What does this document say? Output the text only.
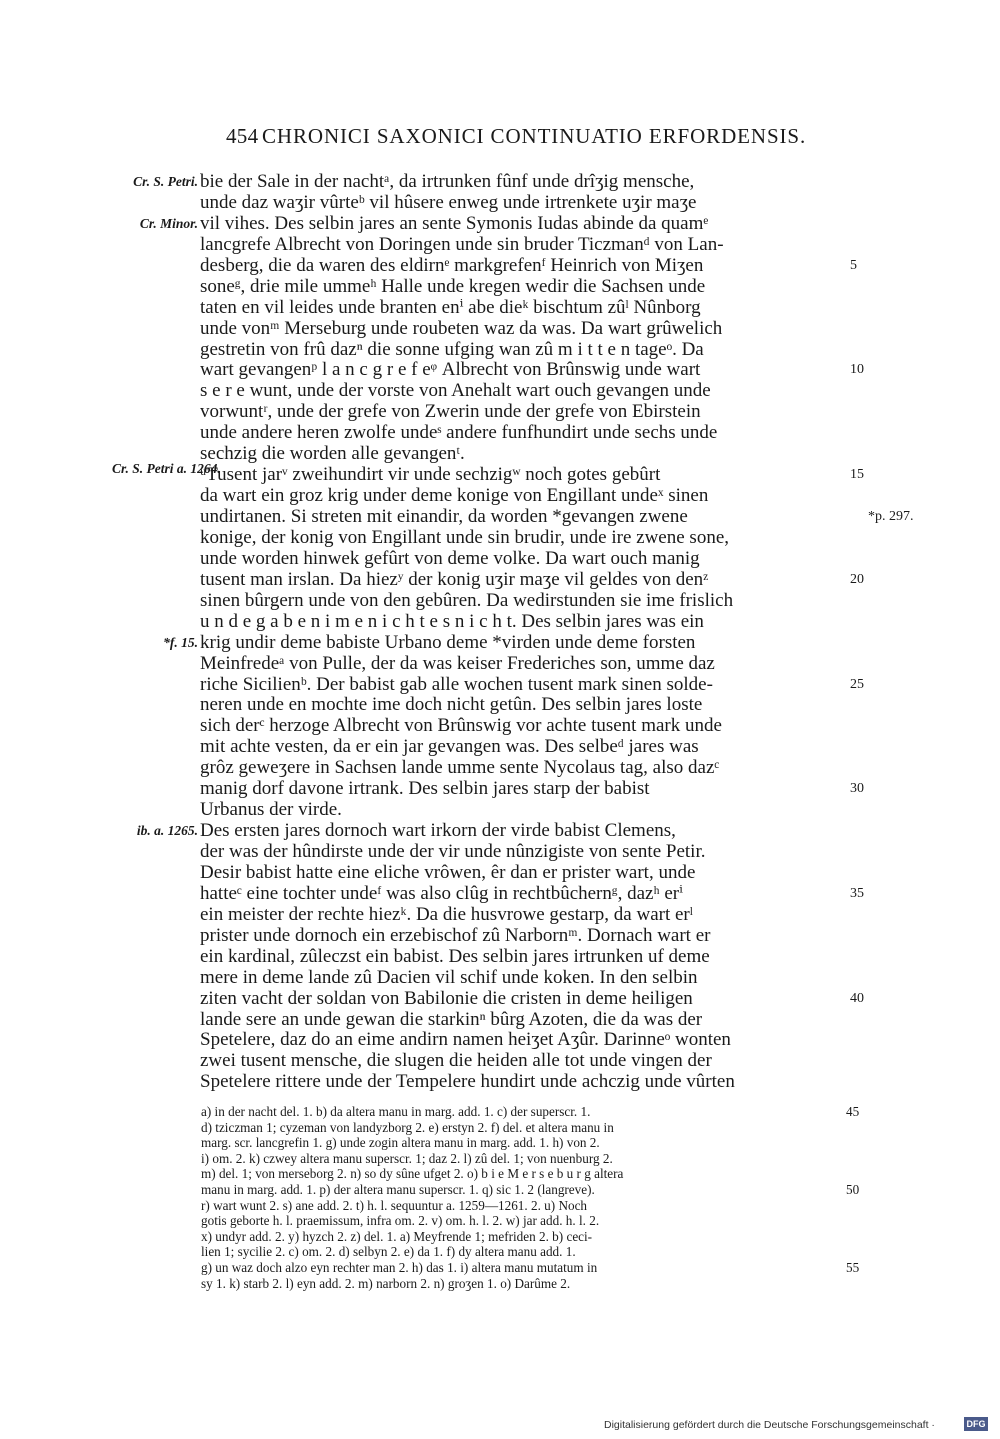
454 CHRONICI SAXONICI CONTINUATIO ERFORDENSIS.
Cr. S. Petri. bie der Sale in der nachtᵃ, da irtrunken fûnf unde drîʒig mensche,
unde daz waʒir vûrteᵇ vil hûsere enweg unde irtrenkete uʒir maʒe
Cr. Minor. vil vihes. Des selbin jares an sente Symonis Iudas abinde da quamᵉ
lancgrefe Albrecht von Doringen unde sin bruder Ticzmanᵈ von Lan-
desberg, die da waren des eldirnᵉ markgrefenᶠ Heinrich von Miʒen	5
soneᵍ, drie mile ummeʰ Halle unde kregen wedir die Sachsen unde
taten en vil leides unde branten enⁱ abe dieᵏ bischtum zûˡ Nûnborg
unde vonᵐ Merseburg unde roubeten waz da was. Da wart grûwelich
gestretin von frû dazⁿ die sonne ufging wan zû m i t t e n tageᵒ. Da
wart gevangenᵖ l a n c g r e f eᵠ Albrecht von Brûnswig unde wart	10
s e r e wunt, unde der vorste von Anehalt wart ouch gevangen unde
vorwuntʳ, unde der grefe von Zwerin unde der grefe von Ebirstein
unde andere heren zwolfe undeˢ andere funfhundirt unde sechs unde
sechzig die worden alle gevangenᵗ.
Cr. S. Petri a. 1264.
ᵘTusent jarᵛ zweihundirt vir unde sechzigʷ noch gotes gebûrt	15
da wart ein groz krig under deme konige von Engillant undeˣ sinen
undirtanen. Si streten mit einandir, da worden *gevangen zwene	*p. 297.
konige, der konig von Engillant unde sin brudir, unde ire zwene sone,
unde worden hinwek gefûrt von deme volke. Da wart ouch manig
tusent man irslan. Da hiezʸ der konig uʒir maʒe vil geldes von denᶻ	20
sinen bûrgern unde von den gebûren. Da wedirstunden sie ime frislich
u n d e g a b e n i m e n i c h t e s n i c h t. Des selbin jares was ein
*f. 15. krig undir deme babiste Urbano deme *virden unde deme forsten
Meinfredeᵃ von Pulle, der da was keiser Frederiches son, umme daz
riche Sicilienᵇ. Der babist gab alle wochen tusent mark sinen solde-	25
neren unde en mochte ime doch nicht getûn. Des selbin jares loste
sich derᶜ herzoge Albrecht von Brûnswig vor achte tusent mark unde
mit achte vesten, da er ein jar gevangen was. Des selbeᵈ jares was
grôz geweʒere in Sachsen lande umme sente Nycolaus tag, also dazᶜ
manig dorf davone irtrank. Des selbin jares starp der babist	30
Urbanus der virde.
ib. a. 1265. Des ersten jares dornoch wart irkorn der virde babist Clemens,
der was der hûndirste unde der vir unde nûnzigiste von sente Petir.
Desir babist hatte eine eliche vrôwen, êr dan er prister wart, unde
hatteᶜ eine tochter undeᶠ was also clûg in rechtbûchernᵍ, dazʰ erⁱ	35
ein meister der rechte hiezᵏ. Da die husvrowe gestarp, da wart erˡ
prister unde dornoch ein erzebischof zû Narbornᵐ. Dornach wart er
ein kardinal, zûleczst ein babist. Des selbin jares irtrunken uf deme
mere in deme lande zû Dacien vil schif unde koken. In den selbin
ziten vacht der soldan von Babilonie die cristen in deme heiligen	40
lande sere an unde gewan die starkinⁿ bûrg Azoten, die da was der
Spetelere, daz do an eime andirn namen heiʒet Aʒûr. Darinneᵒ wonten
zwei tusent mensche, die slugen die heiden alle tot unde vingen der
Spetelere rittere unde der Tempelere hundirt unde achczig unde vûrten
a) in der nacht del. 1. b) da altera manu in marg. add. 1. c) der superscr. 1.	45
d) tziczman 1; cyzeman von landyzborg 2. e) erstyn 2. f) del. et altera manu in
marg. scr. lancgrefin 1. g) unde zogin altera manu in marg. add. 1. h) von 2.
i) om. 2. k) czwey altera manu superscr. 1; daz 2. l) zû del. 1; von nuenburg 2.
m) del. 1; von merseborg 2. n) so dy sûne ufget 2. o) b i e M e r s e b u r g altera
manu in marg. add. 1. p) der altera manu superscr. 1. q) sic 1. 2 (langreve).	50
r) wart wunt 2. s) ane add. 2. t) h. l. sequuntur a. 1259—1261. 2. u) Noch
gotis geborte h. l. praemissum, infra om. 2. v) om. h. l. 2. w) jar add. h. l. 2.
x) undyr add. 2. y) hyzch 2. z) del. 1. a) Meyfrende 1; mefriden 2. b) ceci-
lien 1; sycilie 2. c) om. 2. d) selbyn 2. e) da 1. f) dy altera manu add. 1.
g) un waz doch alzo eyn rechter man 2. h) das 1. i) altera manu mutatum in	55
sy 1. k) starb 2. l) eyn add. 2. m) narborn 2. n) groʒen 1. o) Darûme 2.
Digitalisierung gefördert durch die Deutsche Forschungsgemeinschaft ·	DFG
